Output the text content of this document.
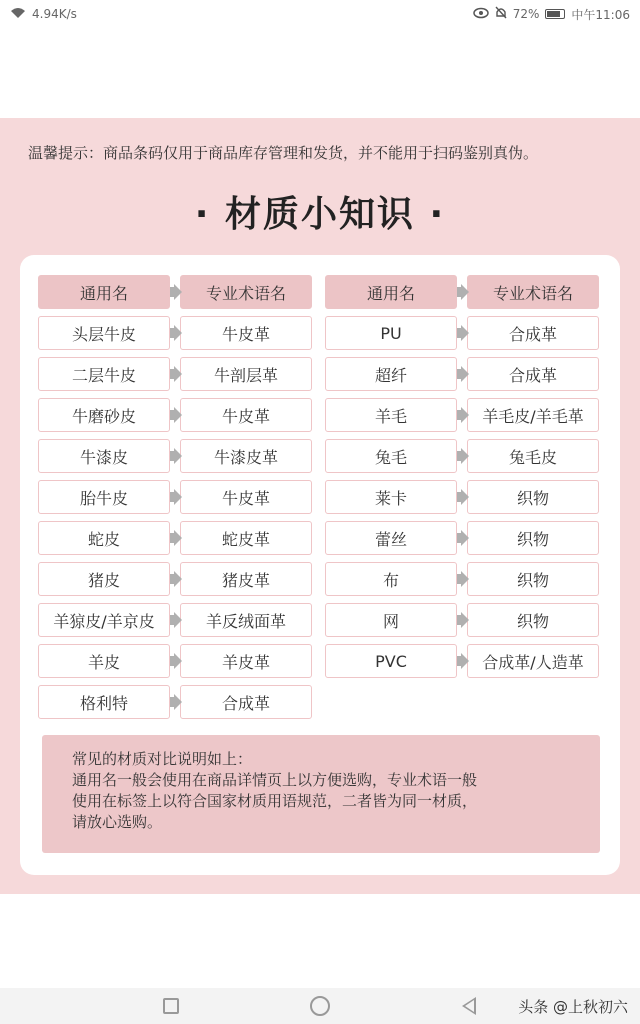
4.94K/s	72%	中午11:06
温馨提示：商品条码仅用于商品库存管理和发货，并不能用于扫码鉴别真伪。
· 材质小知识 ·
通用名	专业术语名
头层牛皮	牛皮革
二层牛皮	牛剖层革
牛磨砂皮	牛皮革
牛漆皮	牛漆皮革
胎牛皮	牛皮革
蛇皮	蛇皮革
猪皮	猪皮革
羊猄皮/羊京皮	羊反绒面革
羊皮	羊皮革
格利特	合成革
通用名	专业术语名
PU	合成革
超纤	合成革
羊毛	羊毛皮/羊毛革
兔毛	兔毛皮
莱卡	织物
蕾丝	织物
布	织物
网	织物
PVC	合成革/人造革
常见的材质对比说明如上：
通用名一般会使用在商品详情页上以方便选购，专业术语一般
使用在标签上以符合国家材质用语规范，二者皆为同一材质，
请放心选购。
头条 @上秋初六
